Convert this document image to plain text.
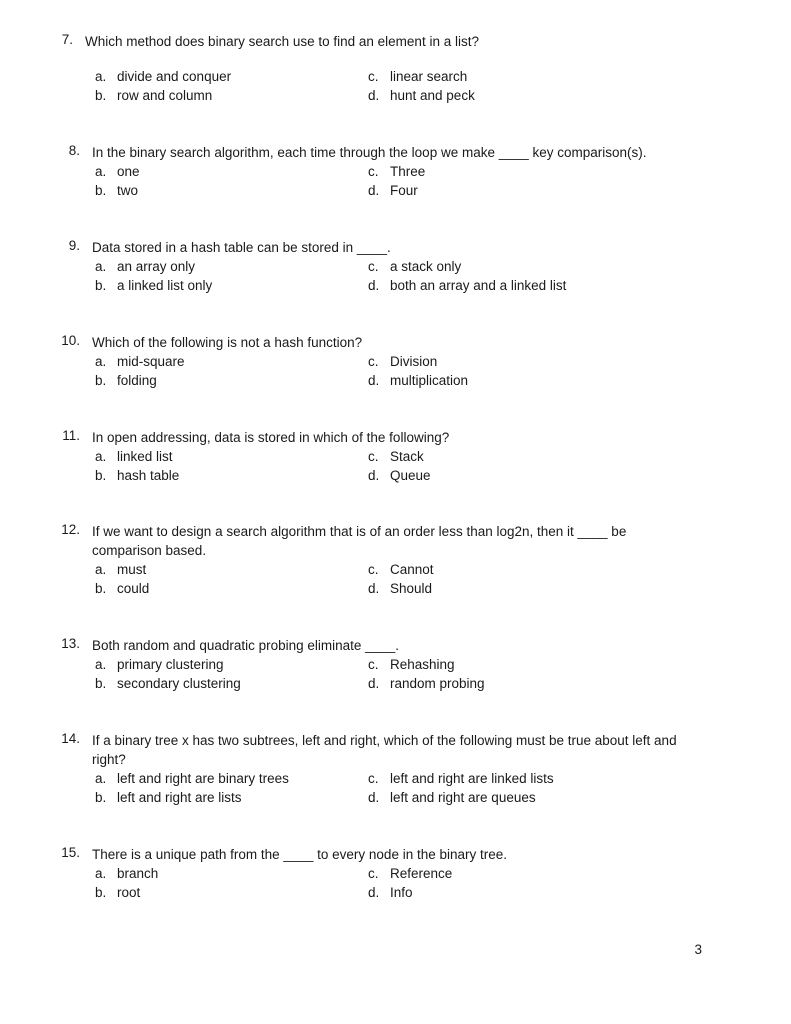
7. Which method does binary search use to find an element in a list?
a. divide and conquer
b. row and column
c. linear search
d. hunt and peck
8. In the binary search algorithm, each time through the loop we make ____ key comparison(s).
a. one
b. two
c. Three
d. Four
9. Data stored in a hash table can be stored in ____.
a. an array only
b. a linked list only
c. a stack only
d. both an array and a linked list
10. Which of the following is not a hash function?
a. mid-square
b. folding
c. Division
d. multiplication
11. In open addressing, data is stored in which of the following?
a. linked list
b. hash table
c. Stack
d. Queue
12. If we want to design a search algorithm that is of an order less than log2n, then it ____ be comparison based.
a. must
b. could
c. Cannot
d. Should
13. Both random and quadratic probing eliminate ____.
a. primary clustering
b. secondary clustering
c. Rehashing
d. random probing
14. If a binary tree x has two subtrees, left and right, which of the following must be true about left and right?
a. left and right are binary trees
b. left and right are lists
c. left and right are linked lists
d. left and right are queues
15. There is a unique path from the ____ to every node in the binary tree.
a. branch
b. root
c. Reference
d. Info
3
